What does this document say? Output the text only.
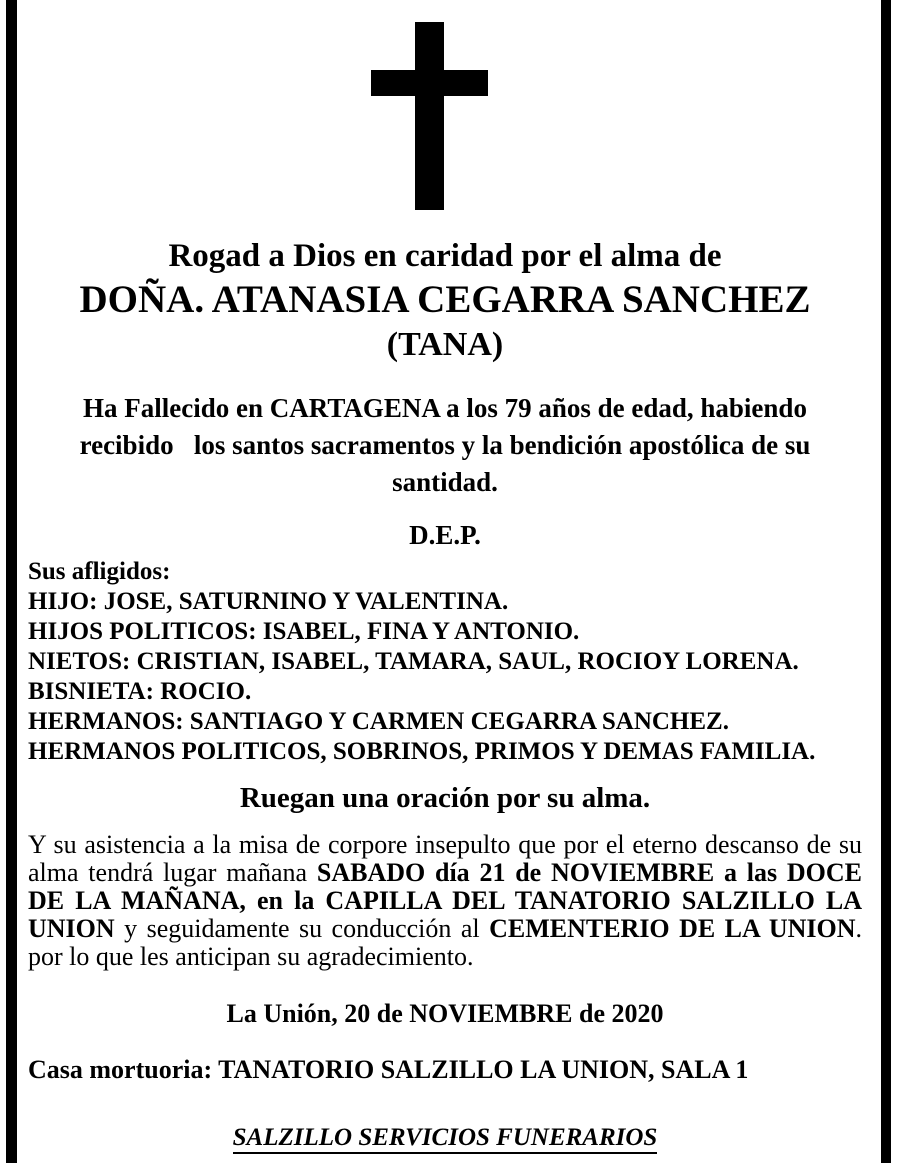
Rogad a Dios en caridad por el alma de
DOÑA. ATANASIA CEGARRA SANCHEZ
(TANA)
Ha Fallecido en CARTAGENA a los 79 años de edad, habiendo recibido   los santos sacramentos y la bendición apostólica de su santidad.
D.E.P.
Sus afligidos:
HIJO: JOSE, SATURNINO Y VALENTINA.
HIJOS POLITICOS: ISABEL, FINA Y ANTONIO.
NIETOS: CRISTIAN, ISABEL, TAMARA, SAUL, ROCIOY LORENA.
BISNIETA: ROCIO.
HERMANOS: SANTIAGO Y CARMEN CEGARRA SANCHEZ.
HERMANOS POLITICOS, SOBRINOS, PRIMOS Y DEMAS FAMILIA.
Ruegan una oración por su alma.
Y su asistencia a la misa de corpore insepulto que por el eterno descanso de su alma tendrá lugar mañana SABADO día 21 de NOVIEMBRE a las DOCE DE LA MAÑANA, en la CAPILLA DEL TANATORIO SALZILLO LA UNION y seguidamente su conducción al CEMENTERIO DE LA UNION. por lo que les anticipan su agradecimiento.
La Unión, 20 de NOVIEMBRE de 2020
Casa mortuoria: TANATORIO SALZILLO LA UNION, SALA 1
SALZILLO SERVICIOS FUNERARIOS
